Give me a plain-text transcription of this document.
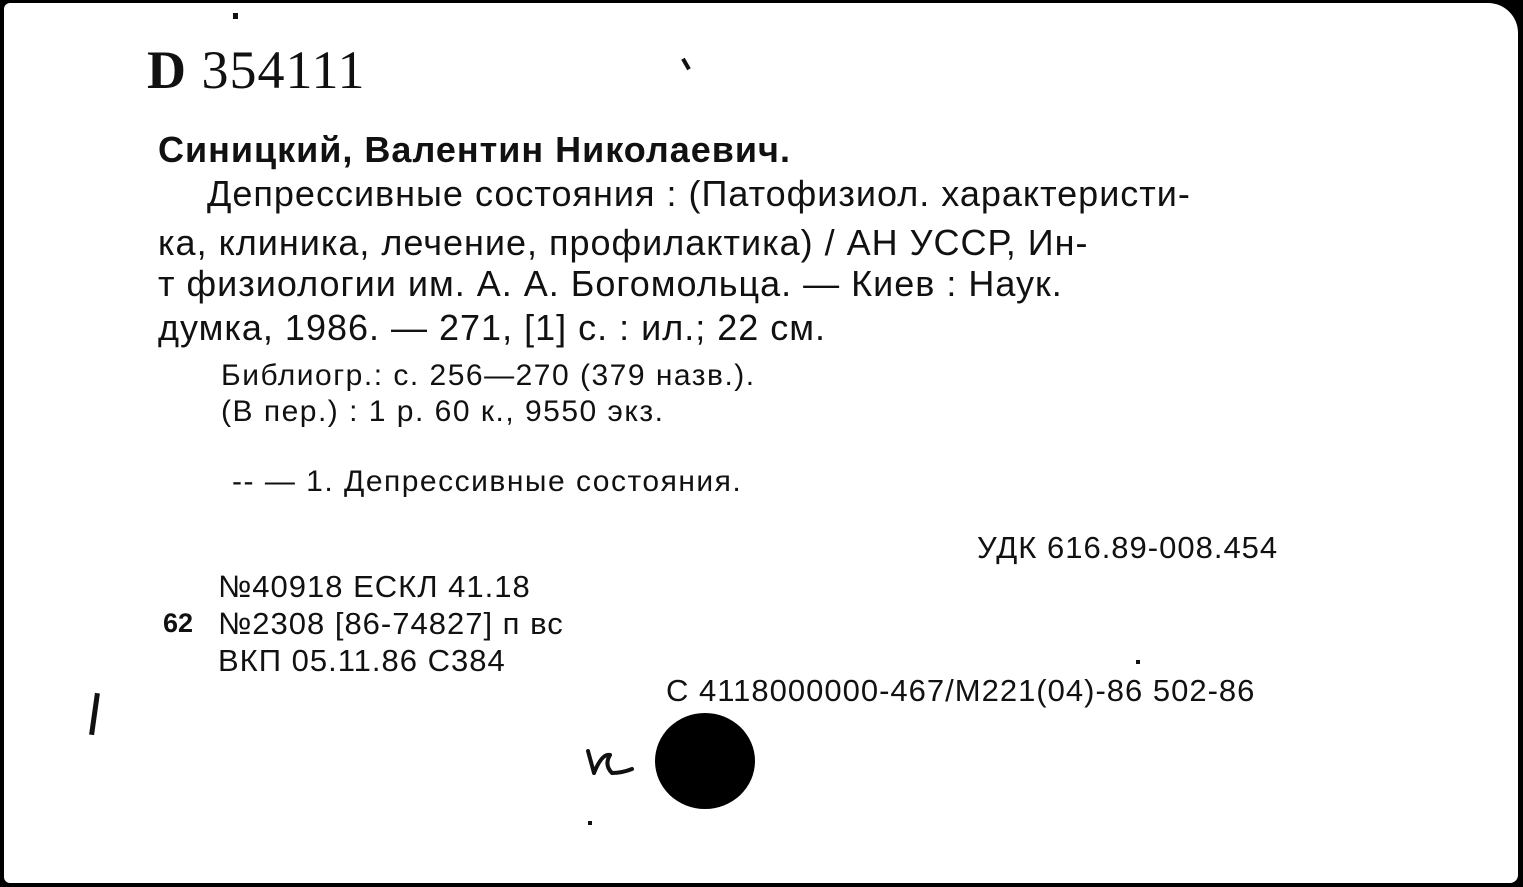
D 354111
Синицкий, Валентин Николаевич.
Депрессивные состояния : (Патофизиол. характеристи-
ка, клиника, лечение, профилактика) / АН УССР, Ин-
т физиологии им. А. А. Богомольца. — Киев : Наук.
думка, 1986. — 271, [1] с. : ил.; 22 см.
Библиогр.: с. 256—270 (379 назв.).
(В пер.) : 1 р. 60 к., 9550 экз.
-- — 1. Депрессивные состояния.
УДК 616.89-008.454
№40918 ЕСКЛ 41.18
62 №2308 [86-74827] п вс
ВКП 05.11.86 С384
С 4118000000-467/М221(04)-86 502-86
